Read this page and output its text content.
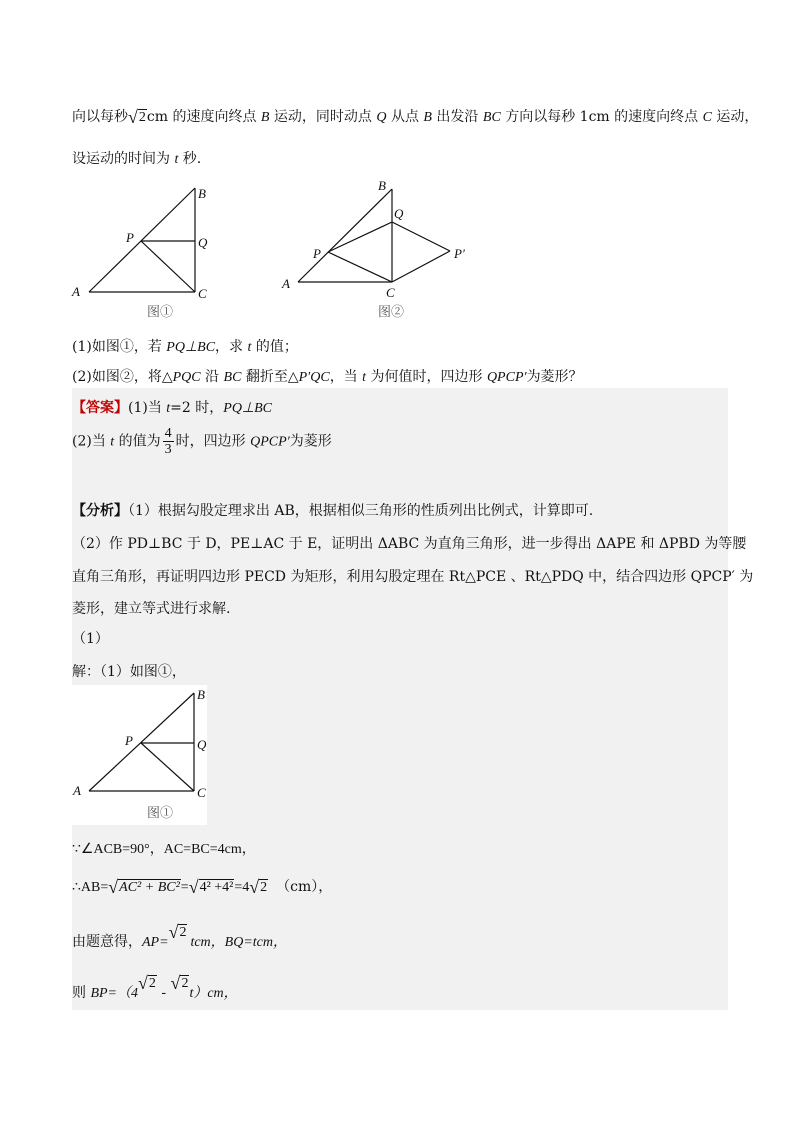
向以每秒√2cm 的速度向终点 B 运动，同时动点 Q 从点 B 出发沿 BC 方向以每秒 1cm 的速度向终点 C 运动，
设运动的时间为 t 秒.
A
B
C
P	Q
图①
A
B
C
P
Q
P′
图②
(1)如图①，若 PQ⊥BC，求 t 的值；
(2)如图②，将△PQC 沿 BC 翻折至△P′QC，当 t 为何值时，四边形 QPCP′为菱形？
【答案】(1)当 t=2 时，PQ⊥BC
(2)当 t 的值为 $\frac{4}{3}$ 时，四边形 QPCP′为菱形
【分析】（1）根据勾股定理求出 AB，根据相似三角形的性质列出比例式，计算即可.
（2）作 PD⊥BC 于 D，PE⊥AC 于 E，证明出 ΔABC 为直角三角形，进一步得出 ΔAPE 和 ΔPBD 为等腰
直角三角形，再证明四边形 PECD 为矩形，利用勾股定理在 Rt△PCE 、Rt△PDQ 中，结合四边形 QPCP′ 为
菱形，建立等式进行求解.
（1）
解：（1）如图①，
A
B
C
P	Q
图①
∵∠ACB=90°，AC=BC=4cm，
∴AB=√AC² + BC²=√4² +4²=4√2 （cm），
由题意得，AP=√2tcm，BQ=tcm，
则 BP=（4√2 - √2t）cm，
